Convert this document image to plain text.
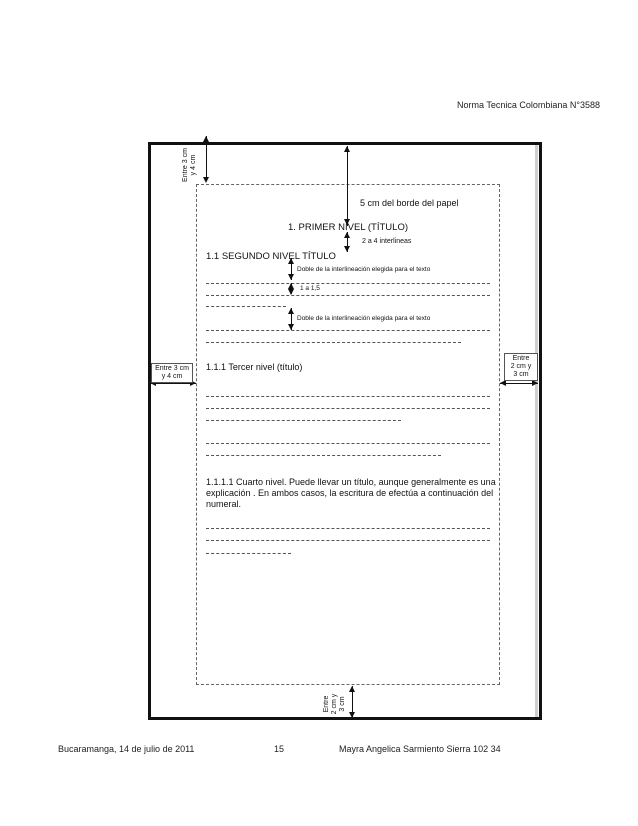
Norma Tecnica Colombiana N°3588
Entre 3 cm
y 4 cm
5 cm del borde del papel
1. PRIMER NIVEL (TÍTULO)
2 a 4 interlineas
1.1 SEGUNDO NIVEL TÍTULO
Doble de la interlineación elegida para el texto
1 a 1,5
Doble de la interlineación elegida para el texto
Entre 3 cm
y 4 cm
Entre
2 cm y
3 cm
1.1.1 Tercer nivel (título)
1.1.1.1 Cuarto nivel. Puede llevar un título, aunque generalmente es una explicación . En ambos casos, la escritura de efectúa a continuación del numeral.
Entre
2 cm y
3 cm
Bucaramanga, 14 de julio de 2011	15	Mayra Angelica Sarmiento Sierra 102 34
